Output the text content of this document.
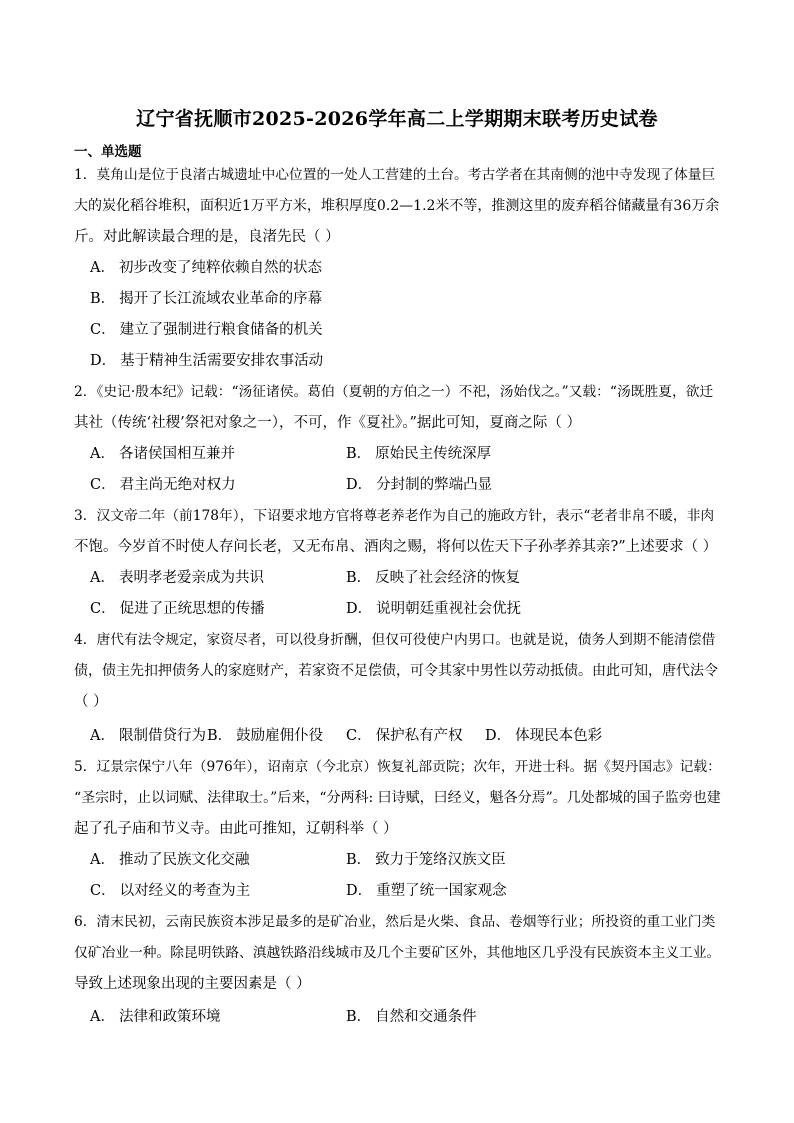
辽宁省抚顺市2025-2026学年高二上学期期末联考历史试卷
一、单选题
1．莫角山是位于良渚古城遗址中心位置的一处人工营建的土台。考古学者在其南侧的池中寺发现了体量巨
大的炭化稻谷堆积，面积近1万平方米，堆积厚度0.2—1.2米不等，推测这里的废弃稻谷储藏量有36万余
斤。对此解读最合理的是，良渚先民（ ）
A． 初步改变了纯粹依赖自然的状态
B． 揭开了长江流域农业革命的序幕
C． 建立了强制进行粮食储备的机关
D． 基于精神生活需要安排农事活动
2．《史记·殷本纪》记载：“汤征诸侯。葛伯（夏朝的方伯之一）不祀，汤始伐之。”又载：“汤既胜夏，欲迁
其社（传统‘社稷’祭祀对象之一），不可，作《夏社》。”据此可知，夏商之际（ ）
A． 各诸侯国相互兼并	B． 原始民主传统深厚
C． 君主尚无绝对权力	D． 分封制的弊端凸显
3．汉文帝二年（前178年），下诏要求地方官将尊老养老作为自己的施政方针，表示“老者非帛不暖，非肉
不饱。今岁首不时使人存问长老，又无布帛、酒肉之赐，将何以佐天下子孙孝养其亲?”上述要求（ ）
A． 表明孝老爱亲成为共识	B． 反映了社会经济的恢复
C． 促进了正统思想的传播	D． 说明朝廷重视社会优抚
4．唐代有法令规定，家资尽者，可以役身折酬，但仅可役使户内男口。也就是说，债务人到期不能清偿借
债，债主先扣押债务人的家庭财产，若家资不足偿债，可令其家中男性以劳动抵债。由此可知，唐代法令
（ ）
A． 限制借贷行为 B． 鼓励雇佣仆役 C． 保护私有产权 D． 体现民本色彩
5．辽景宗保宁八年（976年），诏南京（今北京）恢复礼部贡院；次年，开进士科。据《契丹国志》记载：
“圣宗时，止以词赋、法律取士。”后来，“分两科: 曰诗赋，曰经义，魁各分焉”。几处都城的国子监旁也建
起了孔子庙和节义寺。由此可推知，辽朝科举（ ）
A． 推动了民族文化交融	B． 致力于笼络汉族文臣
C． 以对经义的考查为主	D． 重塑了统一国家观念
6．清末民初，云南民族资本涉足最多的是矿冶业，然后是火柴、食品、卷烟等行业；所投资的重工业门类
仅矿冶业一种。除昆明铁路、滇越铁路沿线城市及几个主要矿区外，其他地区几乎没有民族资本主义工业。
导致上述现象出现的主要因素是（ ）
A． 法律和政策环境	B． 自然和交通条件
